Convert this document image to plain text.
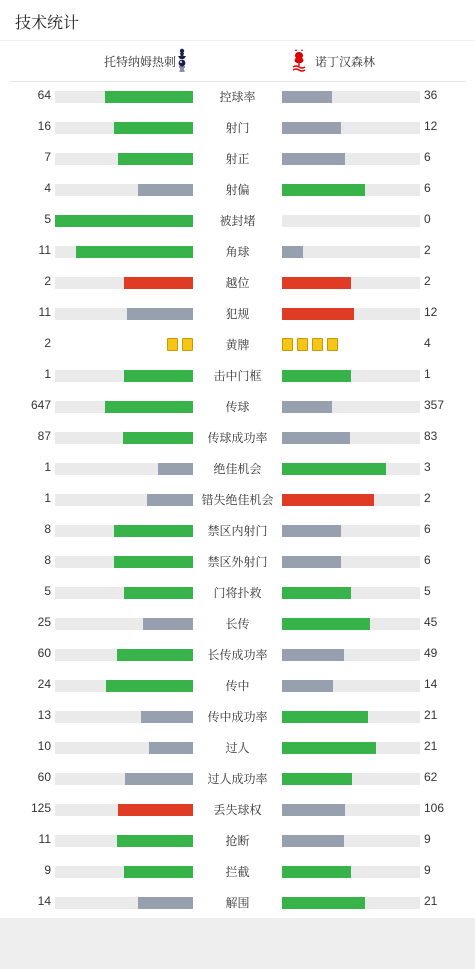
技术统计
托特纳姆热刺	诺丁汉森林
64	控球率	36
16	射门	12
7	射正	6
4	射偏	6
5	被封堵	0
11	角球	2
2	越位	2
11	犯规	12
2	黄牌	4
1	击中门框	1
647	传球	357
87	传球成功率	83
1	绝佳机会	3
1	错失绝佳机会	2
8	禁区内射门	6
8	禁区外射门	6
5	门将扑救	5
25	长传	45
60	长传成功率	49
24	传中	14
13	传中成功率	21
10	过人	21
60	过人成功率	62
125	丢失球权	106
11	抢断	9
9	拦截	9
14	解围	21
